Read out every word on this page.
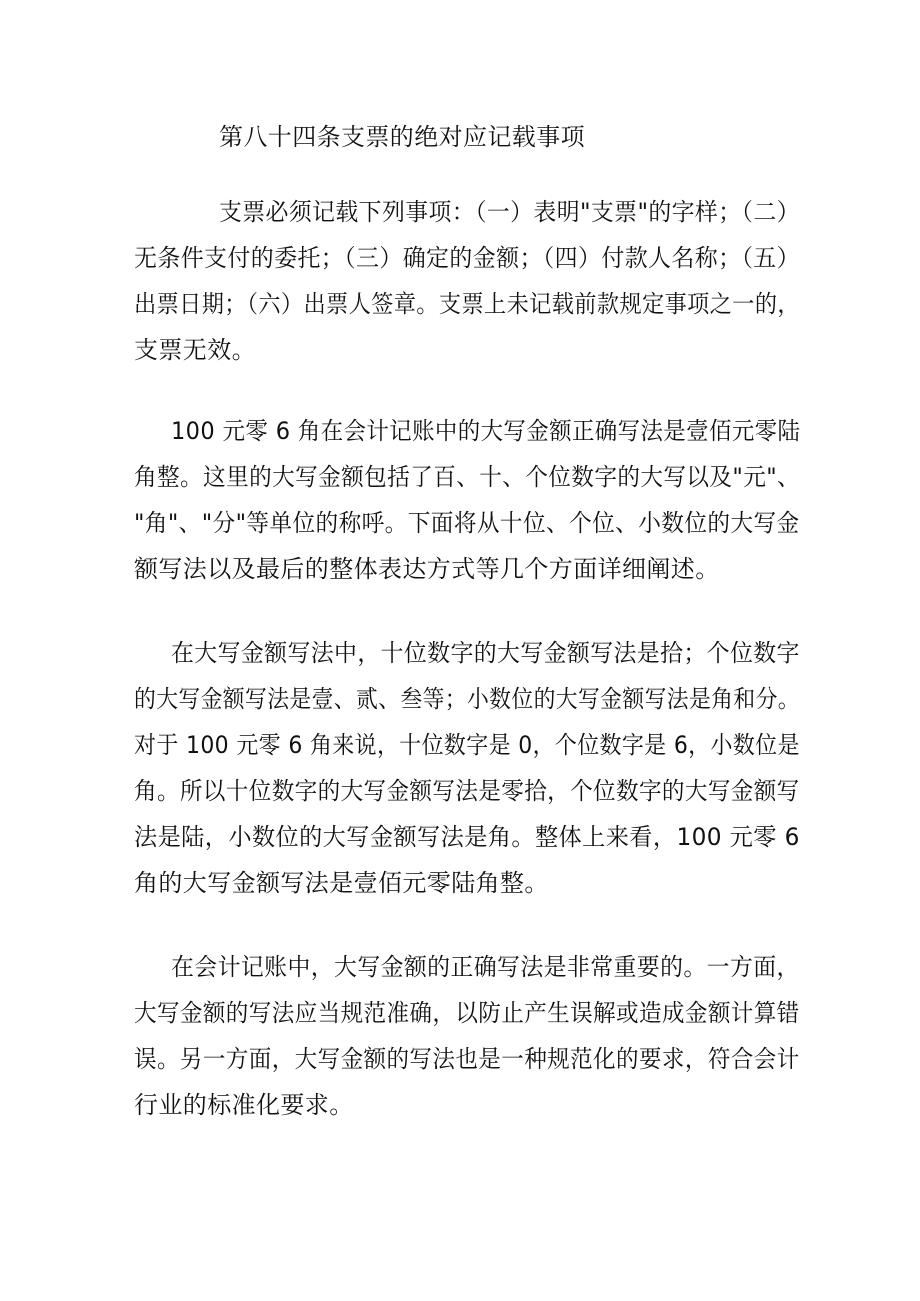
第八十四条支票的绝对应记载事项
支票必须记载下列事项：（一）表明"支票"的字样；（二）
无条件支付的委托；（三）确定的金额；（四）付款人名称；（五）
出票日期；（六）出票人签章。支票上未记载前款规定事项之一的，
支票无效。
100 元零 6 角在会计记账中的大写金额正确写法是壹佰元零陆
角整。这里的大写金额包括了百、十、个位数字的大写以及"元"、
"角"、"分"等单位的称呼。下面将从十位、个位、小数位的大写金
额写法以及最后的整体表达方式等几个方面详细阐述。
在大写金额写法中，十位数字的大写金额写法是拾；个位数字
的大写金额写法是壹、贰、叁等；小数位的大写金额写法是角和分。
对于 100 元零 6 角来说，十位数字是 0，个位数字是 6，小数位是
角。所以十位数字的大写金额写法是零拾，个位数字的大写金额写
法是陆，小数位的大写金额写法是角。整体上来看，100 元零 6
角的大写金额写法是壹佰元零陆角整。
在会计记账中，大写金额的正确写法是非常重要的。一方面，
大写金额的写法应当规范准确，以防止产生误解或造成金额计算错
误。另一方面，大写金额的写法也是一种规范化的要求，符合会计
行业的标准化要求。
